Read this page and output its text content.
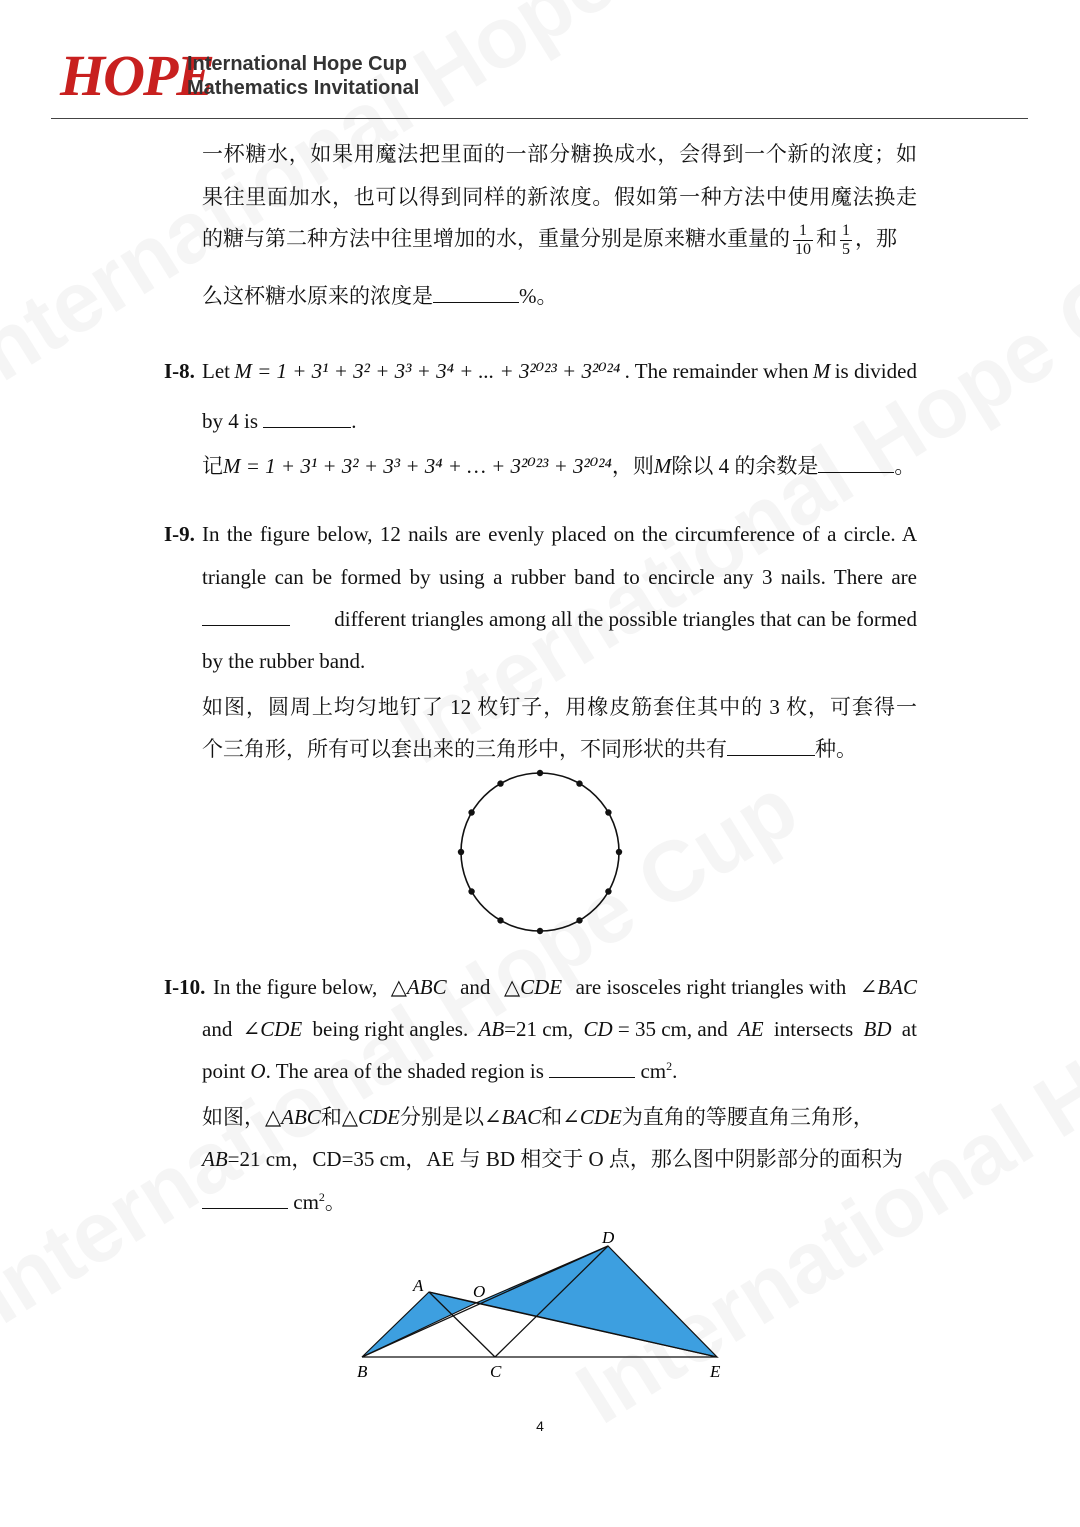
HOPE
International Hope Cup
Mathematics Invitational
一杯糖水，如果用魔法把里面的一部分糖换成水，会得到一个新的浓度；如
果往里面加水，也可以得到同样的新浓度。假如第一种方法中使用魔法换走
的糖与第二种方法中往里增加的水，重量分别是原来糖水重量的 $\frac{1}{10}$ 和 $\frac{1}{5}$ ，那
么这杯糖水原来的浓度是	%。
I-8. Let M = 1 + 3¹ + 3² + 3³ + 3⁴ + ... + 3²⁰²³ + 3²⁰²⁴ . The remainder when M is divided
by 4 is	.
记M = 1 + 3¹ + 3² + 3³ + 3⁴ + … + 3²⁰²³ + 3²⁰²⁴，则M除以 4 的余数是	。
I-9. In the figure below, 12 nails are evenly placed on the circumference of a circle. A
triangle can be formed by using a rubber band to encircle any 3 nails. There are
different triangles among all the possible triangles that can be formed
by the rubber band.
如图，圆周上均匀地钉了 12 枚钉子，用橡皮筋套住其中的 3 枚，可套得一
个三角形，所有可以套出来的三角形中，不同形状的共有	种。
I-10. In the figure below, △ABC and △CDE are isosceles right triangles with ∠BAC
and ∠CDE being right angles. AB=21 cm, CD = 35 cm, and AE intersects BD at
point O. The area of the shaded region is	$cm^2$.
如图，△ABC和△CDE分别是以∠BAC和∠CDE为直角的等腰直角三角形，
AB=21 cm，CD=35 cm，AE 与 BD 相交于 O 点，那么图中阴影部分的面积为
$cm^2$。
A	O
D
B	C	E
4
